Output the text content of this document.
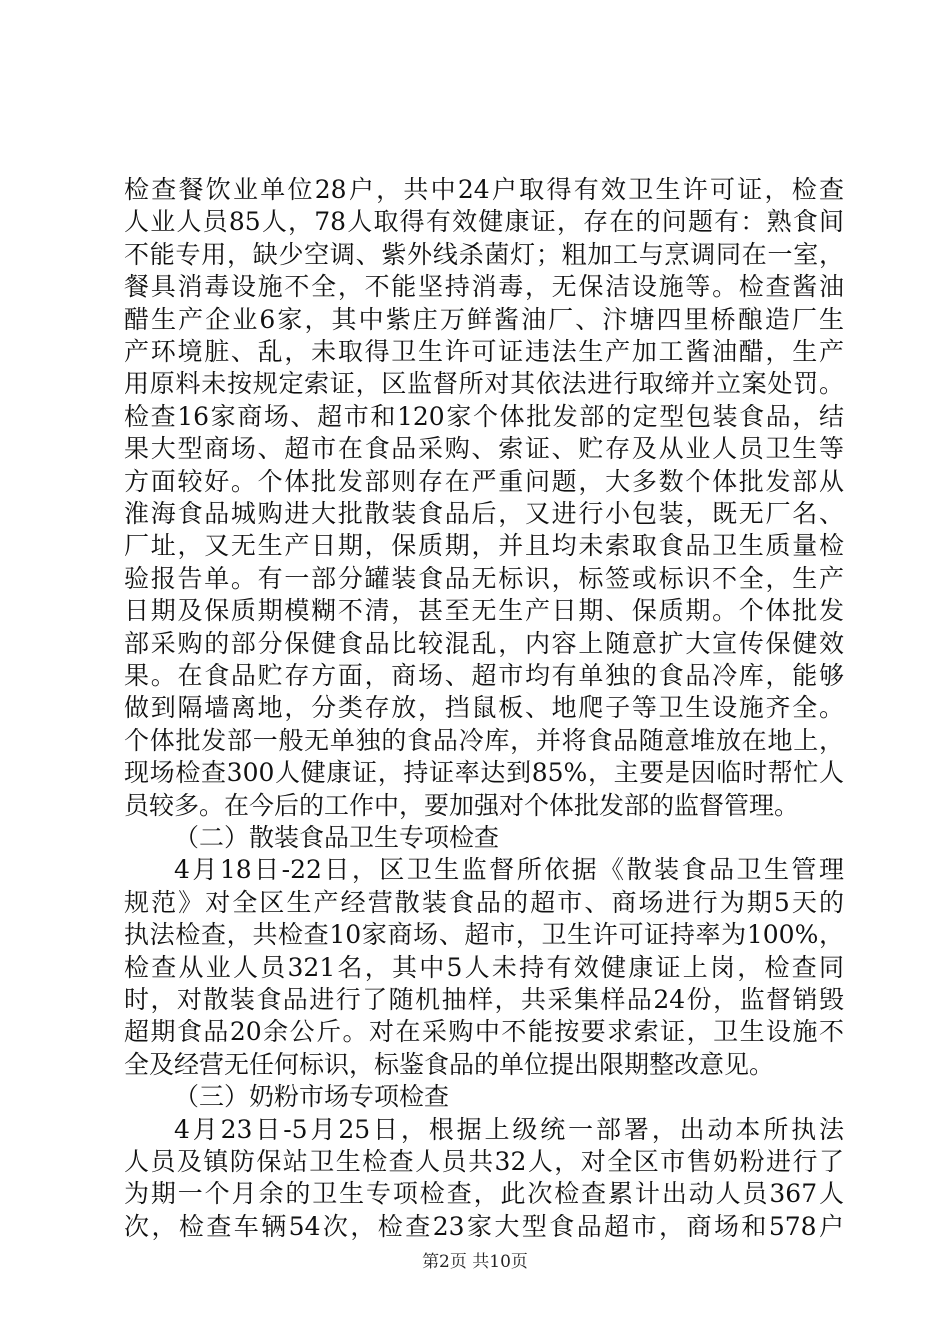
检查餐饮业单位28户，共中24户取得有效卫生许可证，检查
人业人员85人，78人取得有效健康证，存在的问题有：熟食间
不能专用，缺少空调、紫外线杀菌灯；粗加工与烹调同在一室，
餐具消毒设施不全，不能坚持消毒，无保洁设施等。检查酱油
醋生产企业6家，其中紫庄万鲜酱油厂、汴塘四里桥酿造厂生
产环境脏、乱，未取得卫生许可证违法生产加工酱油醋，生产
用原料未按规定索证，区监督所对其依法进行取缔并立案处罚。
检查16家商场、超市和120家个体批发部的定型包装食品，结
果大型商场、超市在食品采购、索证、贮存及从业人员卫生等
方面较好。个体批发部则存在严重问题，大多数个体批发部从
淮海食品城购进大批散装食品后，又进行小包装，既无厂名、
厂址，又无生产日期，保质期，并且均未索取食品卫生质量检
验报告单。有一部分罐装食品无标识，标签或标识不全，生产
日期及保质期模糊不清，甚至无生产日期、保质期。个体批发
部采购的部分保健食品比较混乱，内容上随意扩大宣传保健效
果。在食品贮存方面，商场、超市均有单独的食品冷库，能够
做到隔墙离地，分类存放，挡鼠板、地爬子等卫生设施齐全。
个体批发部一般无单独的食品冷库，并将食品随意堆放在地上，
现场检查300人健康证，持证率达到85%，主要是因临时帮忙人
员较多。在今后的工作中，要加强对个体批发部的监督管理。
（二）散装食品卫生专项检查
4月18日-22日，区卫生监督所依据《散装食品卫生管理
规范》对全区生产经营散装食品的超市、商场进行为期5天的
执法检查，共检查10家商场、超市，卫生许可证持率为100%，
检查从业人员321名，其中5人未持有效健康证上岗，检查同
时，对散装食品进行了随机抽样，共采集样品24份，监督销毁
超期食品20余公斤。对在采购中不能按要求索证，卫生设施不
全及经营无任何标识，标鉴食品的单位提出限期整改意见。
（三）奶粉市场专项检查
4月23日-5月25日，根据上级统一部署，出动本所执法
人员及镇防保站卫生检查人员共32人，对全区市售奶粉进行了
为期一个月余的卫生专项检查，此次检查累计出动人员367人
次，检查车辆54次，检查23家大型食品超市，商场和578户
第2页 共10页
